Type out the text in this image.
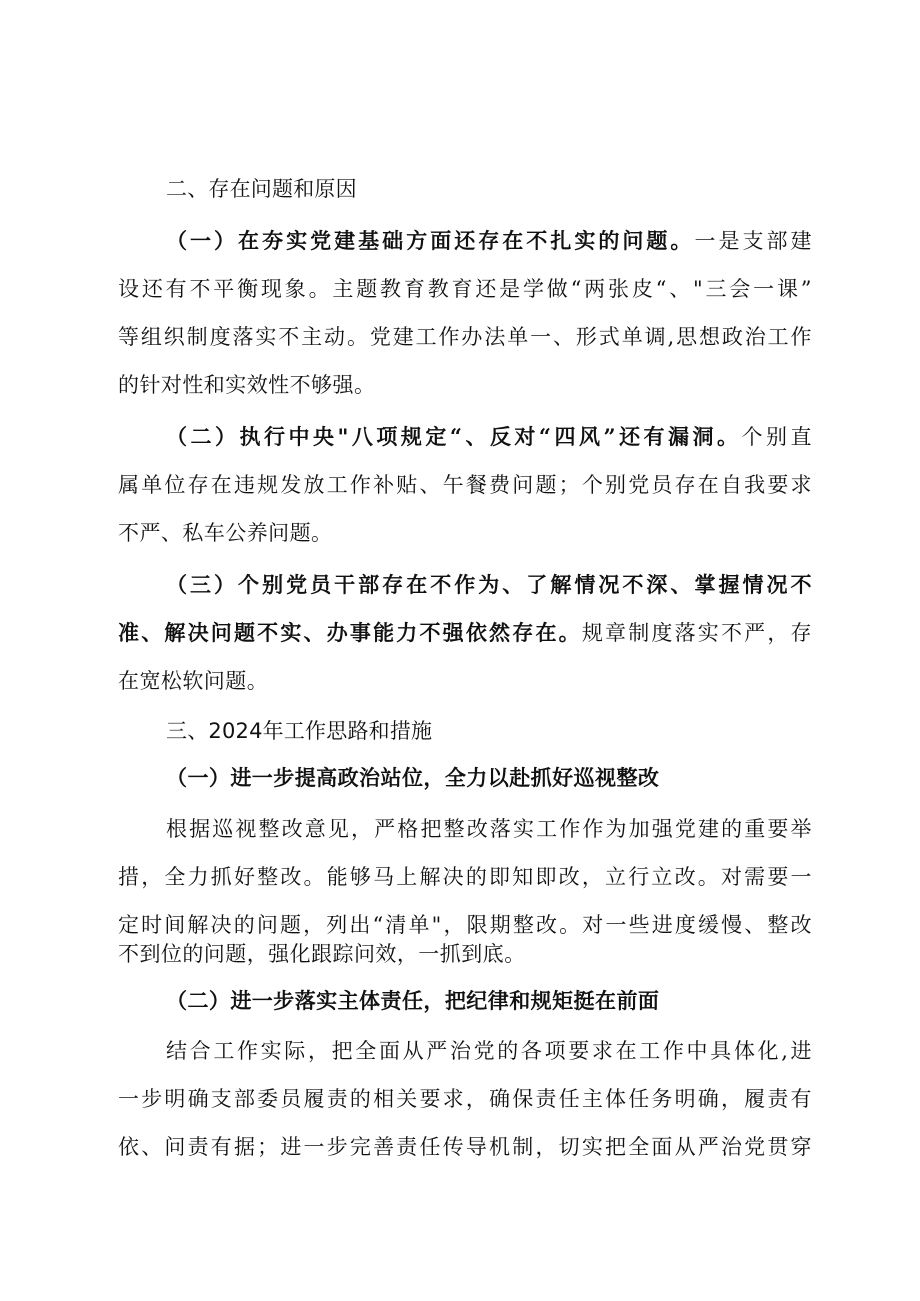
二、存在问题和原因
（一）在夯实党建基础方面还存在不扎实的问题。一是支部建
设还有不平衡现象。主题教育教育还是学做“两张皮“、"三会一课”
等组织制度落实不主动。党建工作办法单一、形式单调,思想政治工作
的针对性和实效性不够强。
（二）执行中央"八项规定“、反对“四风”还有漏洞。个别直
属单位存在违规发放工作补贴、午餐费问题；个别党员存在自我要求
不严、私车公养问题。
（三）个别党员干部存在不作为、了解情况不深、掌握情况不
准、解决问题不实、办事能力不强依然存在。规章制度落实不严，存
在宽松软问题。
三、2024年工作思路和措施
（一）进一步提高政治站位，全力以赴抓好巡视整改
根据巡视整改意见，严格把整改落实工作作为加强党建的重要举
措，全力抓好整改。能够马上解决的即知即改，立行立改。对需要一
定时间解决的问题，列出“清单"，限期整改。对一些进度缓慢、整改
不到位的问题，强化跟踪问效，一抓到底。
（二）进一步落实主体责任，把纪律和规矩挺在前面
结合工作实际，把全面从严治党的各项要求在工作中具体化,进
一步明确支部委员履责的相关要求，确保责任主体任务明确，履责有
依、问责有据；进一步完善责任传导机制，切实把全面从严治党贯穿
